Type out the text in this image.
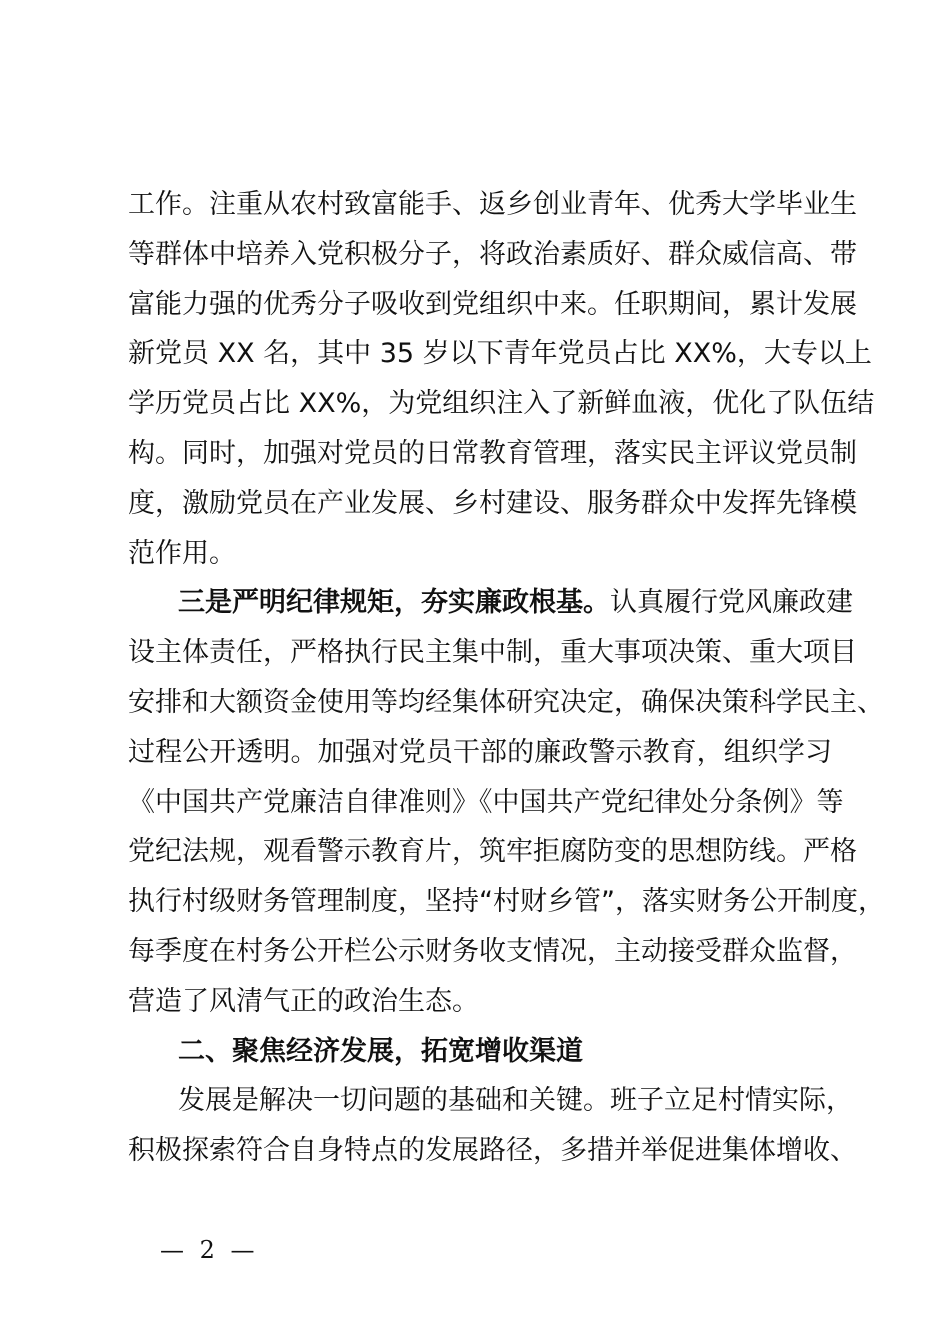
工作。注重从农村致富能手、返乡创业青年、优秀大学毕业生
等群体中培养入党积极分子，将政治素质好、群众威信高、带
富能力强的优秀分子吸收到党组织中来。任职期间，累计发展
新党员 XX 名，其中 35 岁以下青年党员占比 XX%，大专以上
学历党员占比 XX%，为党组织注入了新鲜血液，优化了队伍结
构。同时，加强对党员的日常教育管理，落实民主评议党员制
度，激励党员在产业发展、乡村建设、服务群众中发挥先锋模
范作用。
三是严明纪律规矩，夯实廉政根基。认真履行党风廉政建
设主体责任，严格执行民主集中制，重大事项决策、重大项目
安排和大额资金使用等均经集体研究决定，确保决策科学民主、
过程公开透明。加强对党员干部的廉政警示教育，组织学习
《中国共产党廉洁自律准则》《中国共产党纪律处分条例》等
党纪法规，观看警示教育片，筑牢拒腐防变的思想防线。严格
执行村级财务管理制度，坚持“村财乡管”，落实财务公开制度，
每季度在村务公开栏公示财务收支情况，主动接受群众监督，
营造了风清气正的政治生态。
二、聚焦经济发展，拓宽增收渠道
发展是解决一切问题的基础和关键。班子立足村情实际，
积极探索符合自身特点的发展路径，多措并举促进集体增收、
— 2 —
